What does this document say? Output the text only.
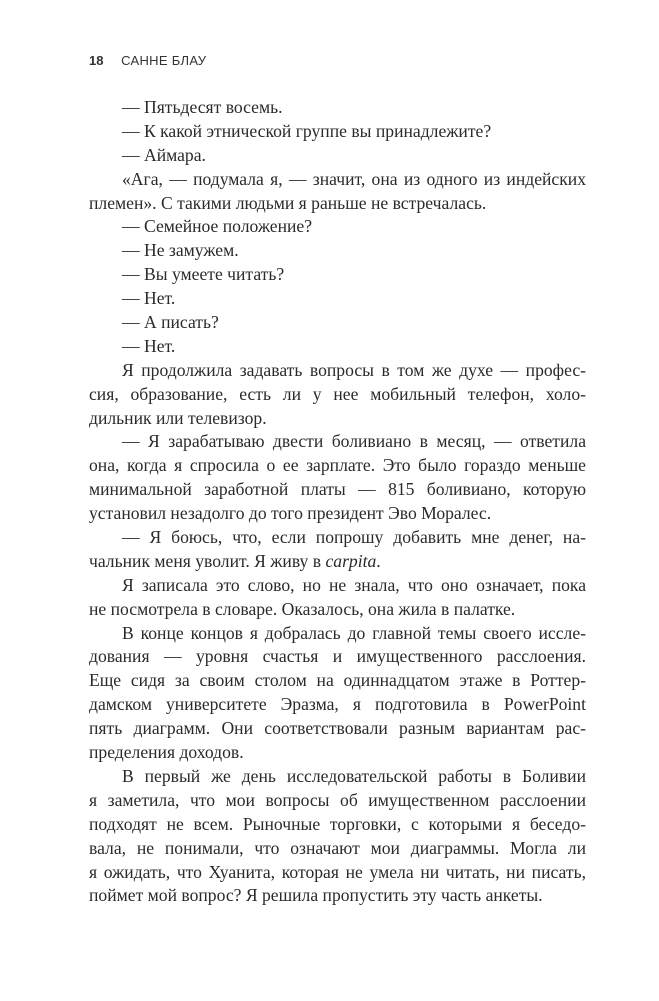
18 САННЕ БЛАУ
— Пятьдесят восемь.
— К какой этнической группе вы принадлежите?
— Аймара.
«Ага, — подумала я, — значит, она из одного из индейских
племен». С такими людьми я раньше не встречалась.
— Семейное положение?
— Не замужем.
— Вы умеете читать?
— Нет.
— А писать?
— Нет.
Я продолжила задавать вопросы в том же духе — профес-
сия, образование, есть ли у нее мобильный телефон, холо-
дильник или телевизор.
— Я зарабатываю двести боливиано в месяц, — ответила
она, когда я спросила о ее зарплате. Это было гораздо меньше
минимальной заработной платы — 815 боливиано, которую
установил незадолго до того президент Эво Моралес.
— Я боюсь, что, если попрошу добавить мне денег, на-
чальник меня уволит. Я живу в carpita.
Я записала это слово, но не знала, что оно означает, пока
не посмотрела в словаре. Оказалось, она жила в палатке.
В конце концов я добралась до главной темы своего иссле-
дования — уровня счастья и имущественного расслоения.
Еще сидя за своим столом на одиннадцатом этаже в Роттер-
дамском университете Эразма, я подготовила в PowerPoint
пять диаграмм. Они соответствовали разным вариантам рас-
пределения доходов.
В первый же день исследовательской работы в Боливии
я заметила, что мои вопросы об имущественном расслоении
подходят не всем. Рыночные торговки, с которыми я беседо-
вала, не понимали, что означают мои диаграммы. Могла ли
я ожидать, что Хуанита, которая не умела ни читать, ни писать,
поймет мой вопрос? Я решила пропустить эту часть анкеты.
